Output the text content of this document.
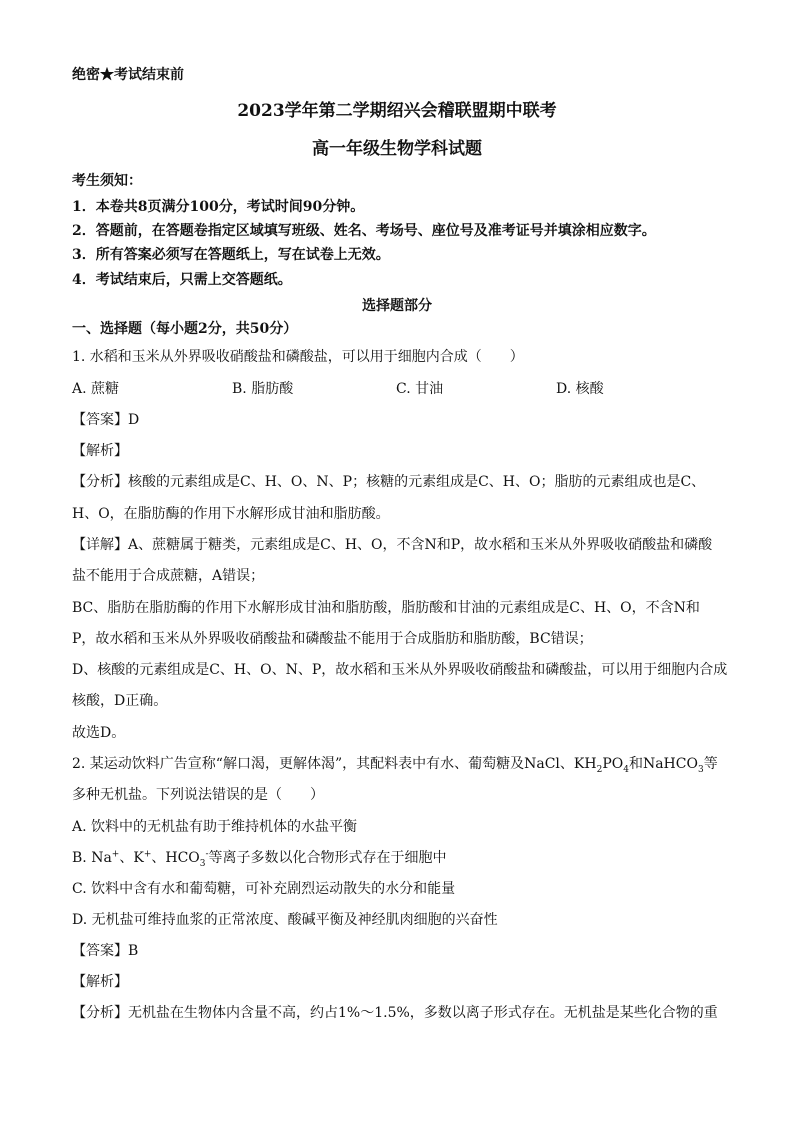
绝密★考试结束前
2023学年第二学期绍兴会稽联盟期中联考
高一年级生物学科试题
考生须知：
1．本卷共8页满分100分，考试时间90分钟。
2．答题前，在答题卷指定区域填写班级、姓名、考场号、座位号及准考证号并填涂相应数字。
3．所有答案必须写在答题纸上，写在试卷上无效。
4．考试结束后，只需上交答题纸。
选择题部分
一、选择题（每小题2分，共50分）
1. 水稻和玉米从外界吸收硝酸盐和磷酸盐，可以用于细胞内合成（　　）
A. 蔗糖	B. 脂肪酸	C. 甘油	D. 核酸
【答案】D
【解析】
【分析】核酸的元素组成是C、H、O、N、P；核糖的元素组成是C、H、O；脂肪的元素组成也是C、
H、O，在脂肪酶的作用下水解形成甘油和脂肪酸。
【详解】A、蔗糖属于糖类，元素组成是C、H、O，不含N和P，故水稻和玉米从外界吸收硝酸盐和磷酸
盐不能用于合成蔗糖，A错误；
BC、脂肪在脂肪酶的作用下水解形成甘油和脂肪酸，脂肪酸和甘油的元素组成是C、H、O，不含N和
P，故水稻和玉米从外界吸收硝酸盐和磷酸盐不能用于合成脂肪和脂肪酸，BC错误；
D、核酸的元素组成是C、H、O、N、P，故水稻和玉米从外界吸收硝酸盐和磷酸盐，可以用于细胞内合成
核酸，D正确。
故选D。
2. 某运动饮料广告宣称“解口渴，更解体渴”，其配料表中有水、葡萄糖及NaCl、$KH_2PO_4$和NaHCO$_3$等
多种无机盐。下列说法错误的是（　　）
A. 饮料中的无机盐有助于维持机体的水盐平衡
B. Na+、K+、$HCO_3^-$等离子多数以化合物形式存在于细胞中
C. 饮料中含有水和葡萄糖，可补充剧烈运动散失的水分和能量
D. 无机盐可维持血浆的正常浓度、酸碱平衡及神经肌肉细胞的兴奋性
【答案】B
【解析】
【分析】无机盐在生物体内含量不高，约占1%～1.5%，多数以离子形式存在。无机盐是某些化合物的重
